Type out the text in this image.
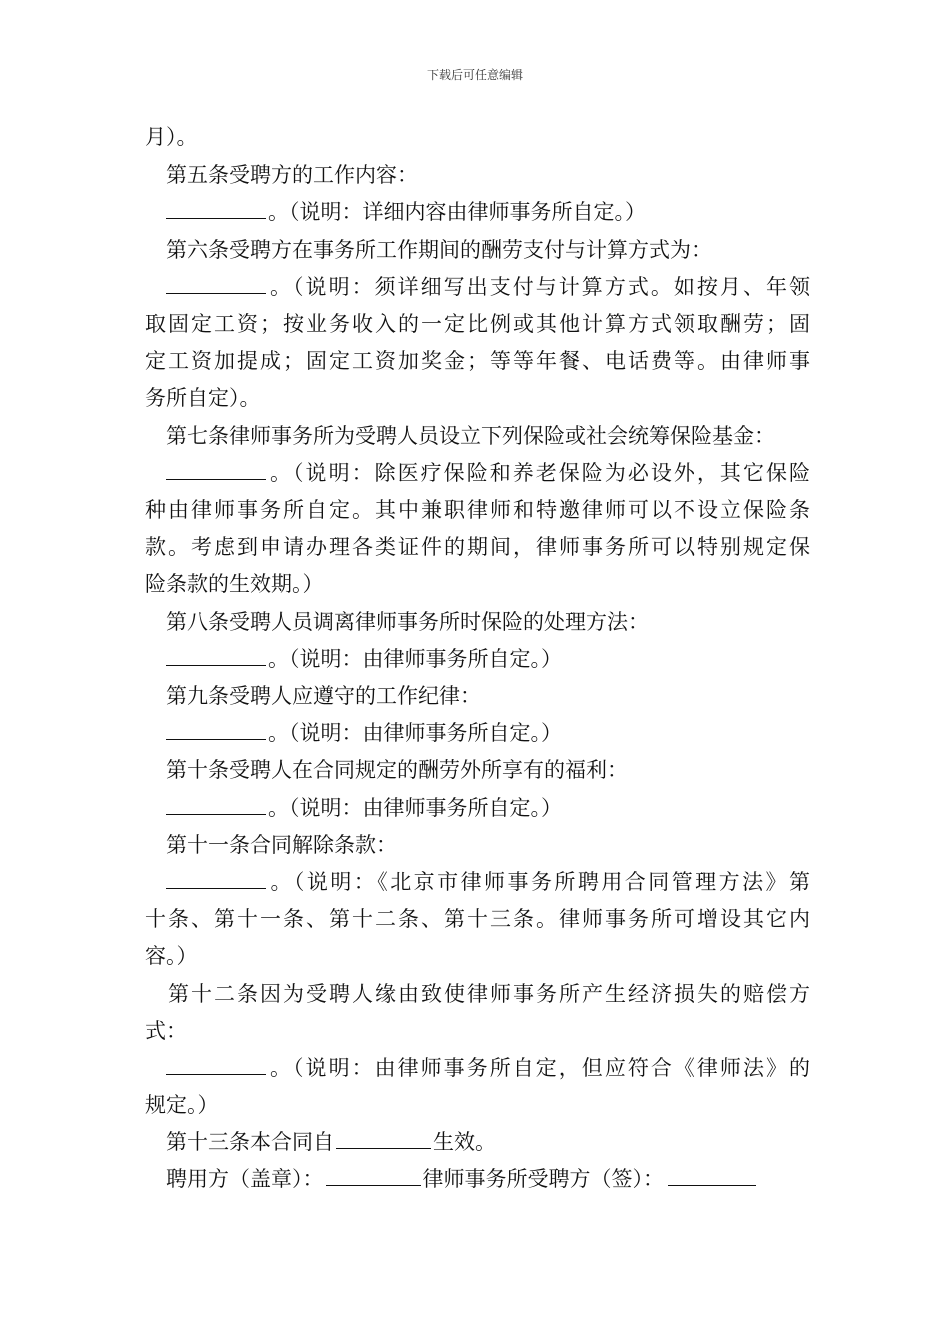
下载后可任意编辑
月）。
第五条受聘方的工作内容：
。（说明：详细内容由律师事务所自定。）
第六条受聘方在事务所工作期间的酬劳支付与计算方式为：
。（说明：须详细写出支付与计算方式。如按月、年领
取固定工资；按业务收入的一定比例或其他计算方式领取酬劳；固
定工资加提成；固定工资加奖金；等等年餐、电话费等。由律师事
务所自定）。
第七条律师事务所为受聘人员设立下列保险或社会统筹保险基金：
。（说明：除医疗保险和养老保险为必设外，其它保险
种由律师事务所自定。其中兼职律师和特邀律师可以不设立保险条
款。考虑到申请办理各类证件的期间，律师事务所可以特别规定保
险条款的生效期。）
第八条受聘人员调离律师事务所时保险的处理方法：
。（说明：由律师事务所自定。）
第九条受聘人应遵守的工作纪律：
。（说明：由律师事务所自定。）
第十条受聘人在合同规定的酬劳外所享有的福利：
。（说明：由律师事务所自定。）
第十一条合同解除条款：
。（说明：《北京市律师事务所聘用合同管理方法》第
十条、第十一条、第十二条、第十三条。律师事务所可增设其它内
容。）
第十二条因为受聘人缘由致使律师事务所产生经济损失的赔偿方
式：
。（说明：由律师事务所自定，但应符合《律师法》的
规定。）
第十三条本合同自	生效。
聘用方（盖章）：	律师事务所受聘方（签）：
